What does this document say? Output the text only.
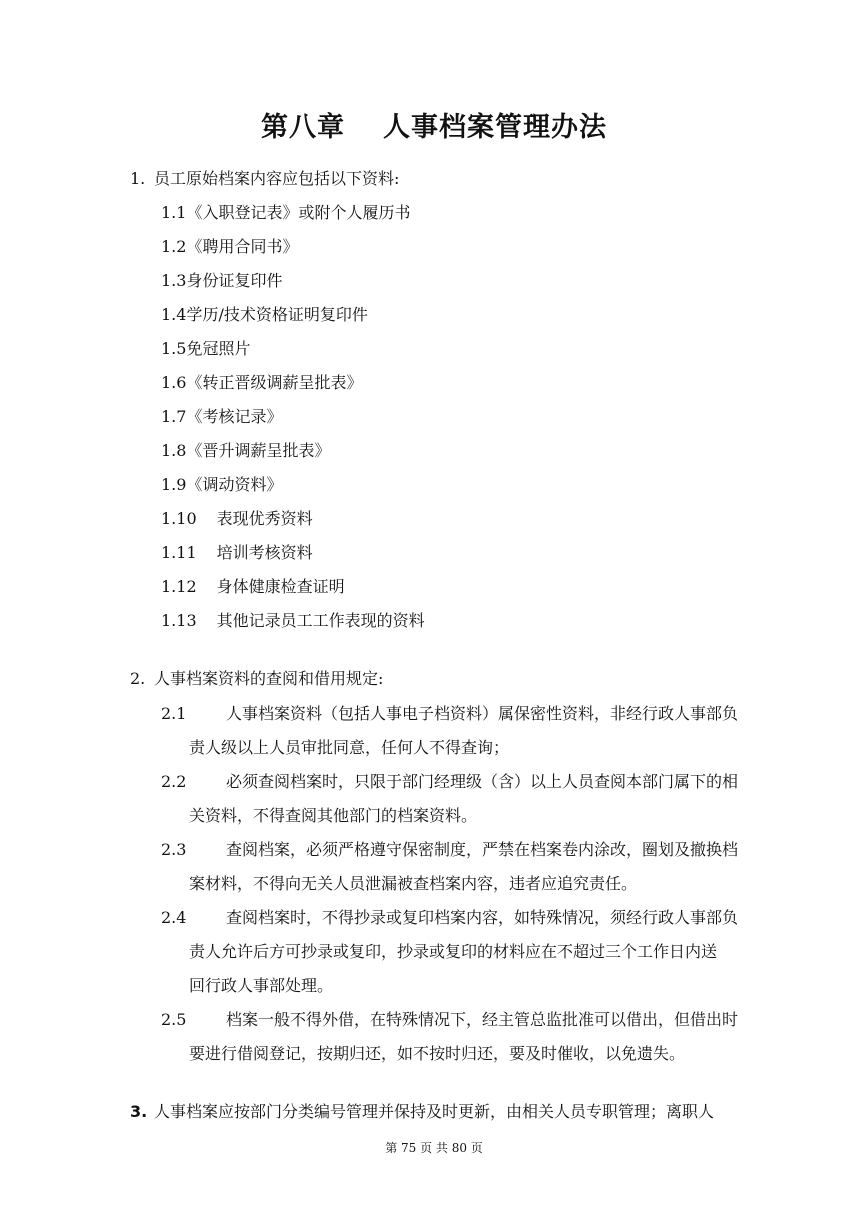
第八章 人事档案管理办法
1. 员工原始档案内容应包括以下资料:
1.1《入职登记表》或附个人履历书
1.2《聘用合同书》
1.3身份证复印件
1.4学历/技术资格证明复印件
1.5免冠照片
1.6《转正晋级调薪呈批表》
1.7《考核记录》
1.8《晋升调薪呈批表》
1.9《调动资料》
1.10 表现优秀资料
1.11 培训考核资料
1.12 身体健康检查证明
1.13 其他记录员工工作表现的资料
2. 人事档案资料的查阅和借用规定:
2.1 人事档案资料（包括人事电子档资料）属保密性资料，非经行政人事部负
责人级以上人员审批同意，任何人不得查询；
2.2 必须查阅档案时，只限于部门经理级（含）以上人员查阅本部门属下的相
关资料，不得查阅其他部门的档案资料。
2.3 查阅档案，必须严格遵守保密制度，严禁在档案卷内涂改，圈划及撤换档
案材料，不得向无关人员泄漏被查档案内容，违者应追究责任。
2.4 查阅档案时，不得抄录或复印档案内容，如特殊情况，须经行政人事部负
责人允许后方可抄录或复印，抄录或复印的材料应在不超过三个工作日内送
回行政人事部处理。
2.5 档案一般不得外借，在特殊情况下，经主管总监批准可以借出，但借出时
要进行借阅登记，按期归还，如不按时归还，要及时催收，以免遗失。
3. 人事档案应按部门分类编号管理并保持及时更新，由相关人员专职管理；离职人
第 75 页 共 80 页
